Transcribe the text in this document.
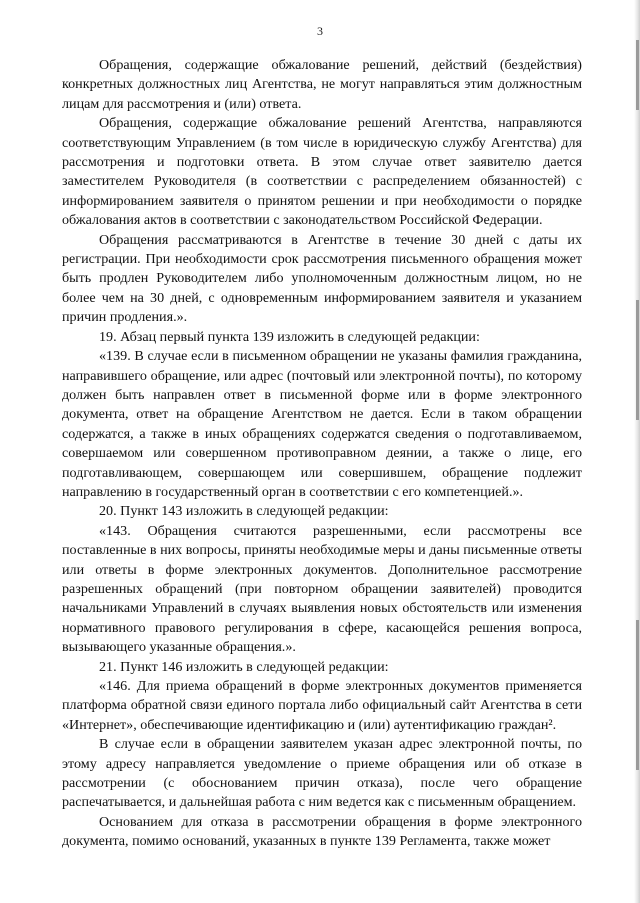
3

Обращения, содержащие обжалование решений, действий (бездействия) конкретных должностных лиц Агентства, не могут направляться этим должностным лицам для рассмотрения и (или) ответа.

Обращения, содержащие обжалование решений Агентства, направляются соответствующим Управлением (в том числе в юридическую службу Агентства) для рассмотрения и подготовки ответа. В этом случае ответ заявителю дается заместителем Руководителя (в соответствии с распределением обязанностей) с информированием заявителя о принятом решении и при необходимости о порядке обжалования актов в соответствии с законодательством Российской Федерации.

Обращения рассматриваются в Агентстве в течение 30 дней с даты их регистрации. При необходимости срок рассмотрения письменного обращения может быть продлен Руководителем либо уполномоченным должностным лицом, но не более чем на 30 дней, с одновременным информированием заявителя и указанием причин продления.».

19. Абзац первый пункта 139 изложить в следующей редакции:

«139. В случае если в письменном обращении не указаны фамилия гражданина, направившего обращение, или адрес (почтовый или электронной почты), по которому должен быть направлен ответ в письменной форме или в форме электронного документа, ответ на обращение Агентством не дается. Если в таком обращении содержатся, а также в иных обращениях содержатся сведения о подготавливаемом, совершаемом или совершенном противоправном деянии, а также о лице, его подготавливающем, совершающем или совершившем, обращение подлежит направлению в государственный орган в соответствии с его компетенцией.».

20. Пункт 143 изложить в следующей редакции:

«143. Обращения считаются разрешенными, если рассмотрены все поставленные в них вопросы, приняты необходимые меры и даны письменные ответы или ответы в форме электронных документов. Дополнительное рассмотрение разрешенных обращений (при повторном обращении заявителей) проводится начальниками Управлений в случаях выявления новых обстоятельств или изменения нормативного правового регулирования в сфере, касающейся решения вопроса, вызывающего указанные обращения.».

21. Пункт 146 изложить в следующей редакции:

«146. Для приема обращений в форме электронных документов применяется платформа обратной связи единого портала либо официальный сайт Агентства в сети «Интернет», обеспечивающие идентификацию и (или) аутентификацию граждан².

В случае если в обращении заявителем указан адрес электронной почты, по этому адресу направляется уведомление о приеме обращения или об отказе в рассмотрении (с обоснованием причин отказа), после чего обращение распечатывается, и дальнейшая работа с ним ведется как с письменным обращением.

Основанием для отказа в рассмотрении обращения в форме электронного документа, помимо оснований, указанных в пункте 139 Регламента, также может
